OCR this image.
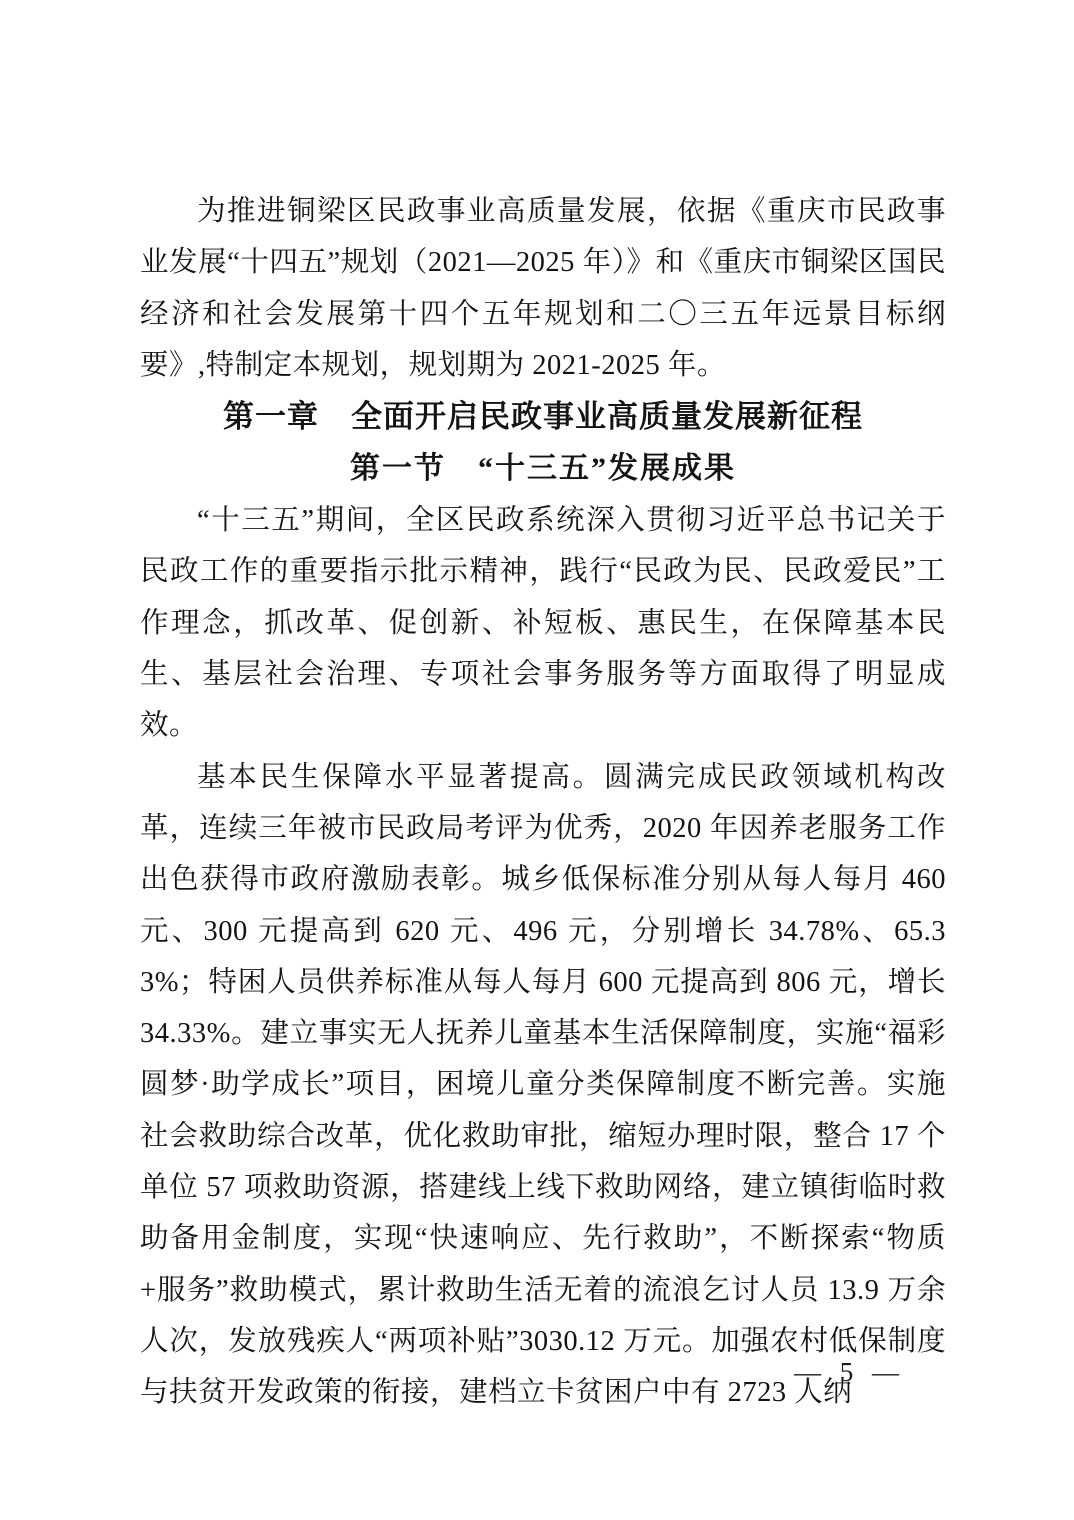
为推进铜梁区民政事业高质量发展，依据《重庆市民政事业发展“十四五”规划（2021—2025 年）》和《重庆市铜梁区国民经济和社会发展第十四个五年规划和二〇三五年远景目标纲要》,特制定本规划，规划期为 2021-2025 年。

第一章　全面开启民政事业高质量发展新征程
第一节　“十三五”发展成果

“十三五”期间，全区民政系统深入贯彻习近平总书记关于民政工作的重要指示批示精神，践行“民政为民、民政爱民”工作理念，抓改革、促创新、补短板、惠民生，在保障基本民生、基层社会治理、专项社会事务服务等方面取得了明显成效。

基本民生保障水平显著提高。圆满完成民政领域机构改革，连续三年被市民政局考评为优秀，2020 年因养老服务工作出色获得市政府激励表彰。城乡低保标准分别从每人每月 460 元、300 元提高到 620 元、496 元，分别增长 34.78%、65.33%；特困人员供养标准从每人每月 600 元提高到 806 元，增长 34.33%。建立事实无人抚养儿童基本生活保障制度，实施“福彩圆梦·助学成长”项目，困境儿童分类保障制度不断完善。实施社会救助综合改革，优化救助审批，缩短办理时限，整合 17 个单位 57 项救助资源，搭建线上线下救助网络，建立镇街临时救助备用金制度，实现“快速响应、先行救助”，不断探索“物质+服务”救助模式，累计救助生活无着的流浪乞讨人员 13.9 万余人次，发放残疾人“两项补贴”3030.12 万元。加强农村低保制度与扶贫开发政策的衔接，建档立卡贫困户中有 2723 人纳

— 5 —
